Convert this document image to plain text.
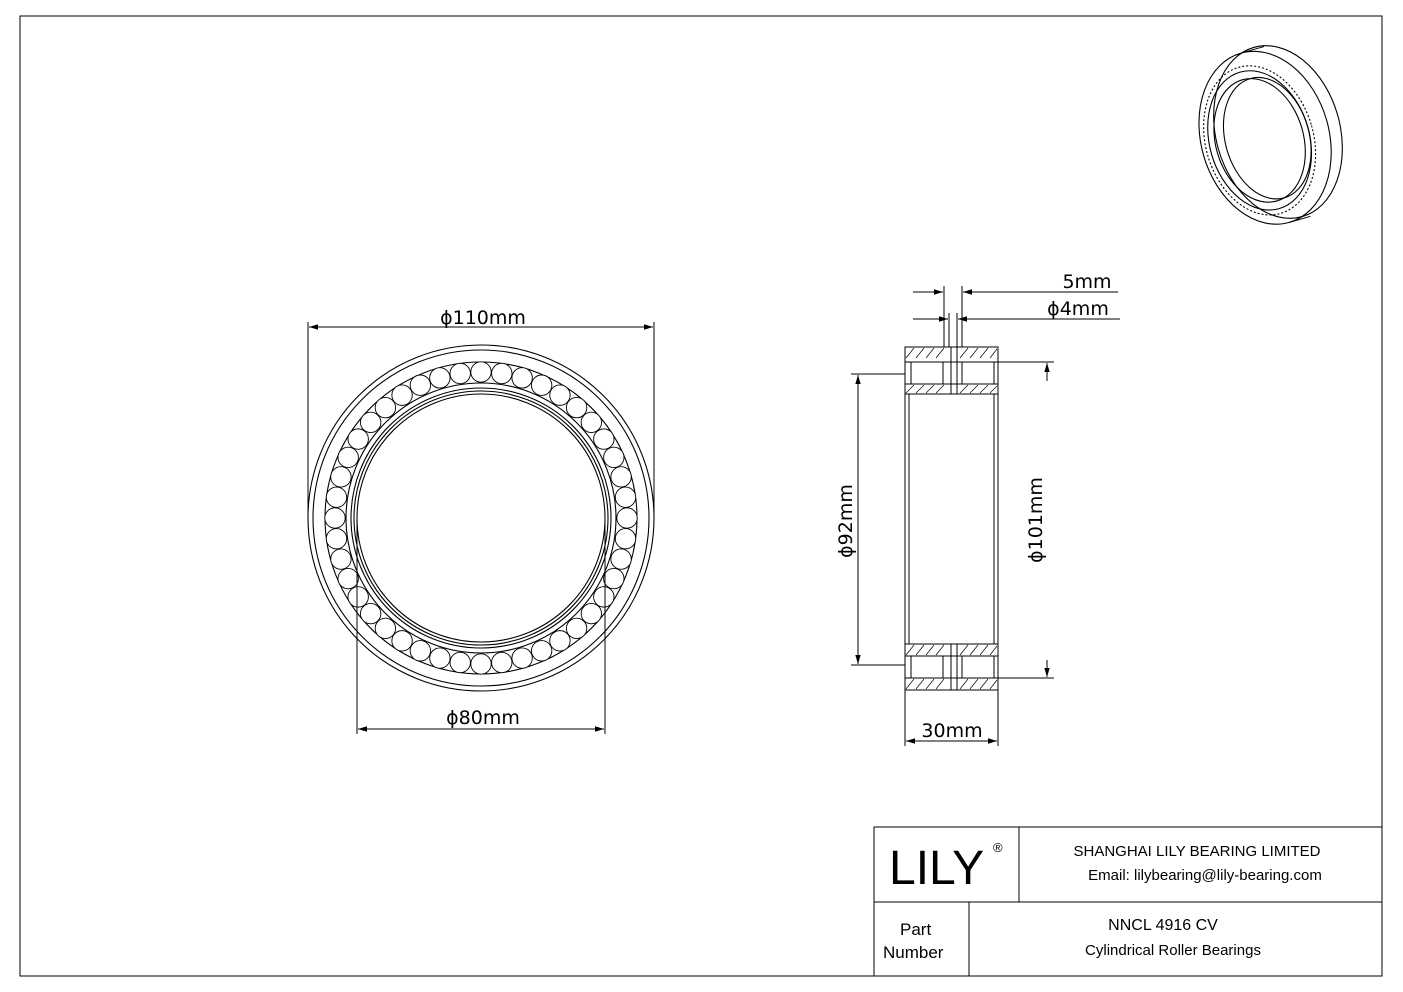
ϕ110mm
ϕ80mm
5mm
ϕ4mm
ϕ92mm
ϕ101mm
30mm
LILY ®	SHANGHAI LILY BEARING LIMITED
Email: lilybearing@lily-bearing.com
Part
Number
NNCL 4916 CV
Cylindrical Roller Bearings
